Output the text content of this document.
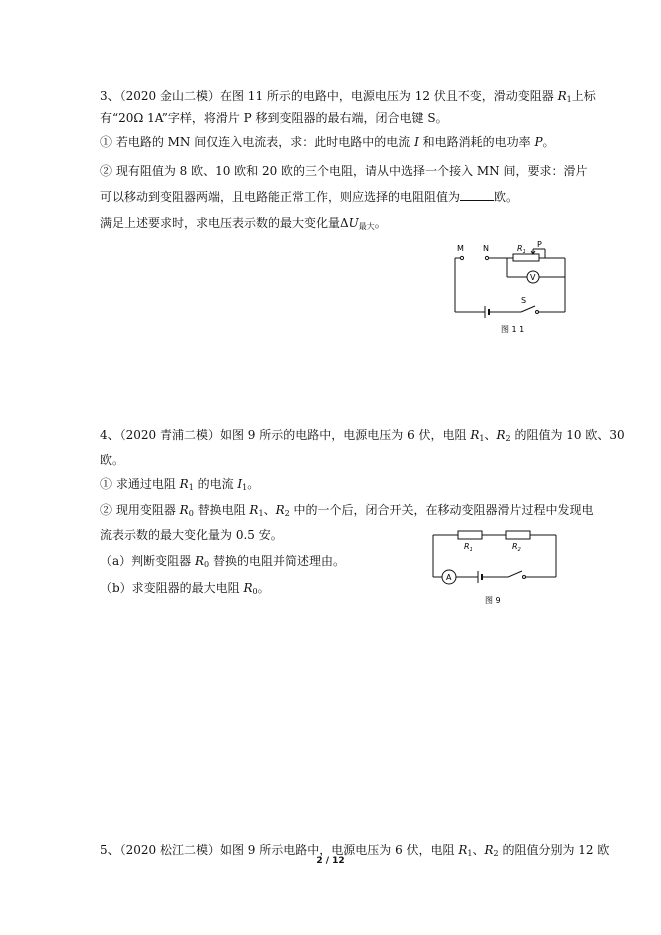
3、（2020 金山二模）在图 11 所示的电路中，电源电压为 12 伏且不变，滑动变阻器 $R_1$上标
有“20Ω 1A”字样，将滑片 P 移到变阻器的最右端，闭合电键 S。
① 若电路的 MN 间仅连入电流表，求：此时电路中的电流 I 和电路消耗的电功率 P。
② 现有阻值为 8 欧、10 欧和 20 欧的三个电阻，请从中选择一个接入 MN 间，要求：滑片
可以移动到变阻器两端，且电路能正常工作，则应选择的电阻阻值为	欧。
满足上述要求时，求电压表示数的最大变化量$\Delta U_{最大}$。
M N	$R_1$
P
V
S
图 1 1
4、（2020 青浦二模）如图 9 所示的电路中，电源电压为 6 伏，电阻 $R_1$、$R_2$ 的阻值为 10 欧、30
欧。
① 求通过电阻 $R_1$ 的电流 $I_1$。
② 现用变阻器 $R_0$ 替换电阻 $R_1$、$R_2$ 中的一个后，闭合开关，在移动变阻器滑片过程中发现电
流表示数的最大变化量为 0.5 安。
（a）判断变阻器 $R_0$ 替换的电阻并简述理由。
（b）求变阻器的最大电阻 $R_0$。
$R_1$	$R_2$
A
图 9
5、（2020 松江二模）如图 9 所示电路中，电源电压为 6 伏，电阻 $R_1$、$R_2$ 的阻值分别为 12 欧
2 / 12
